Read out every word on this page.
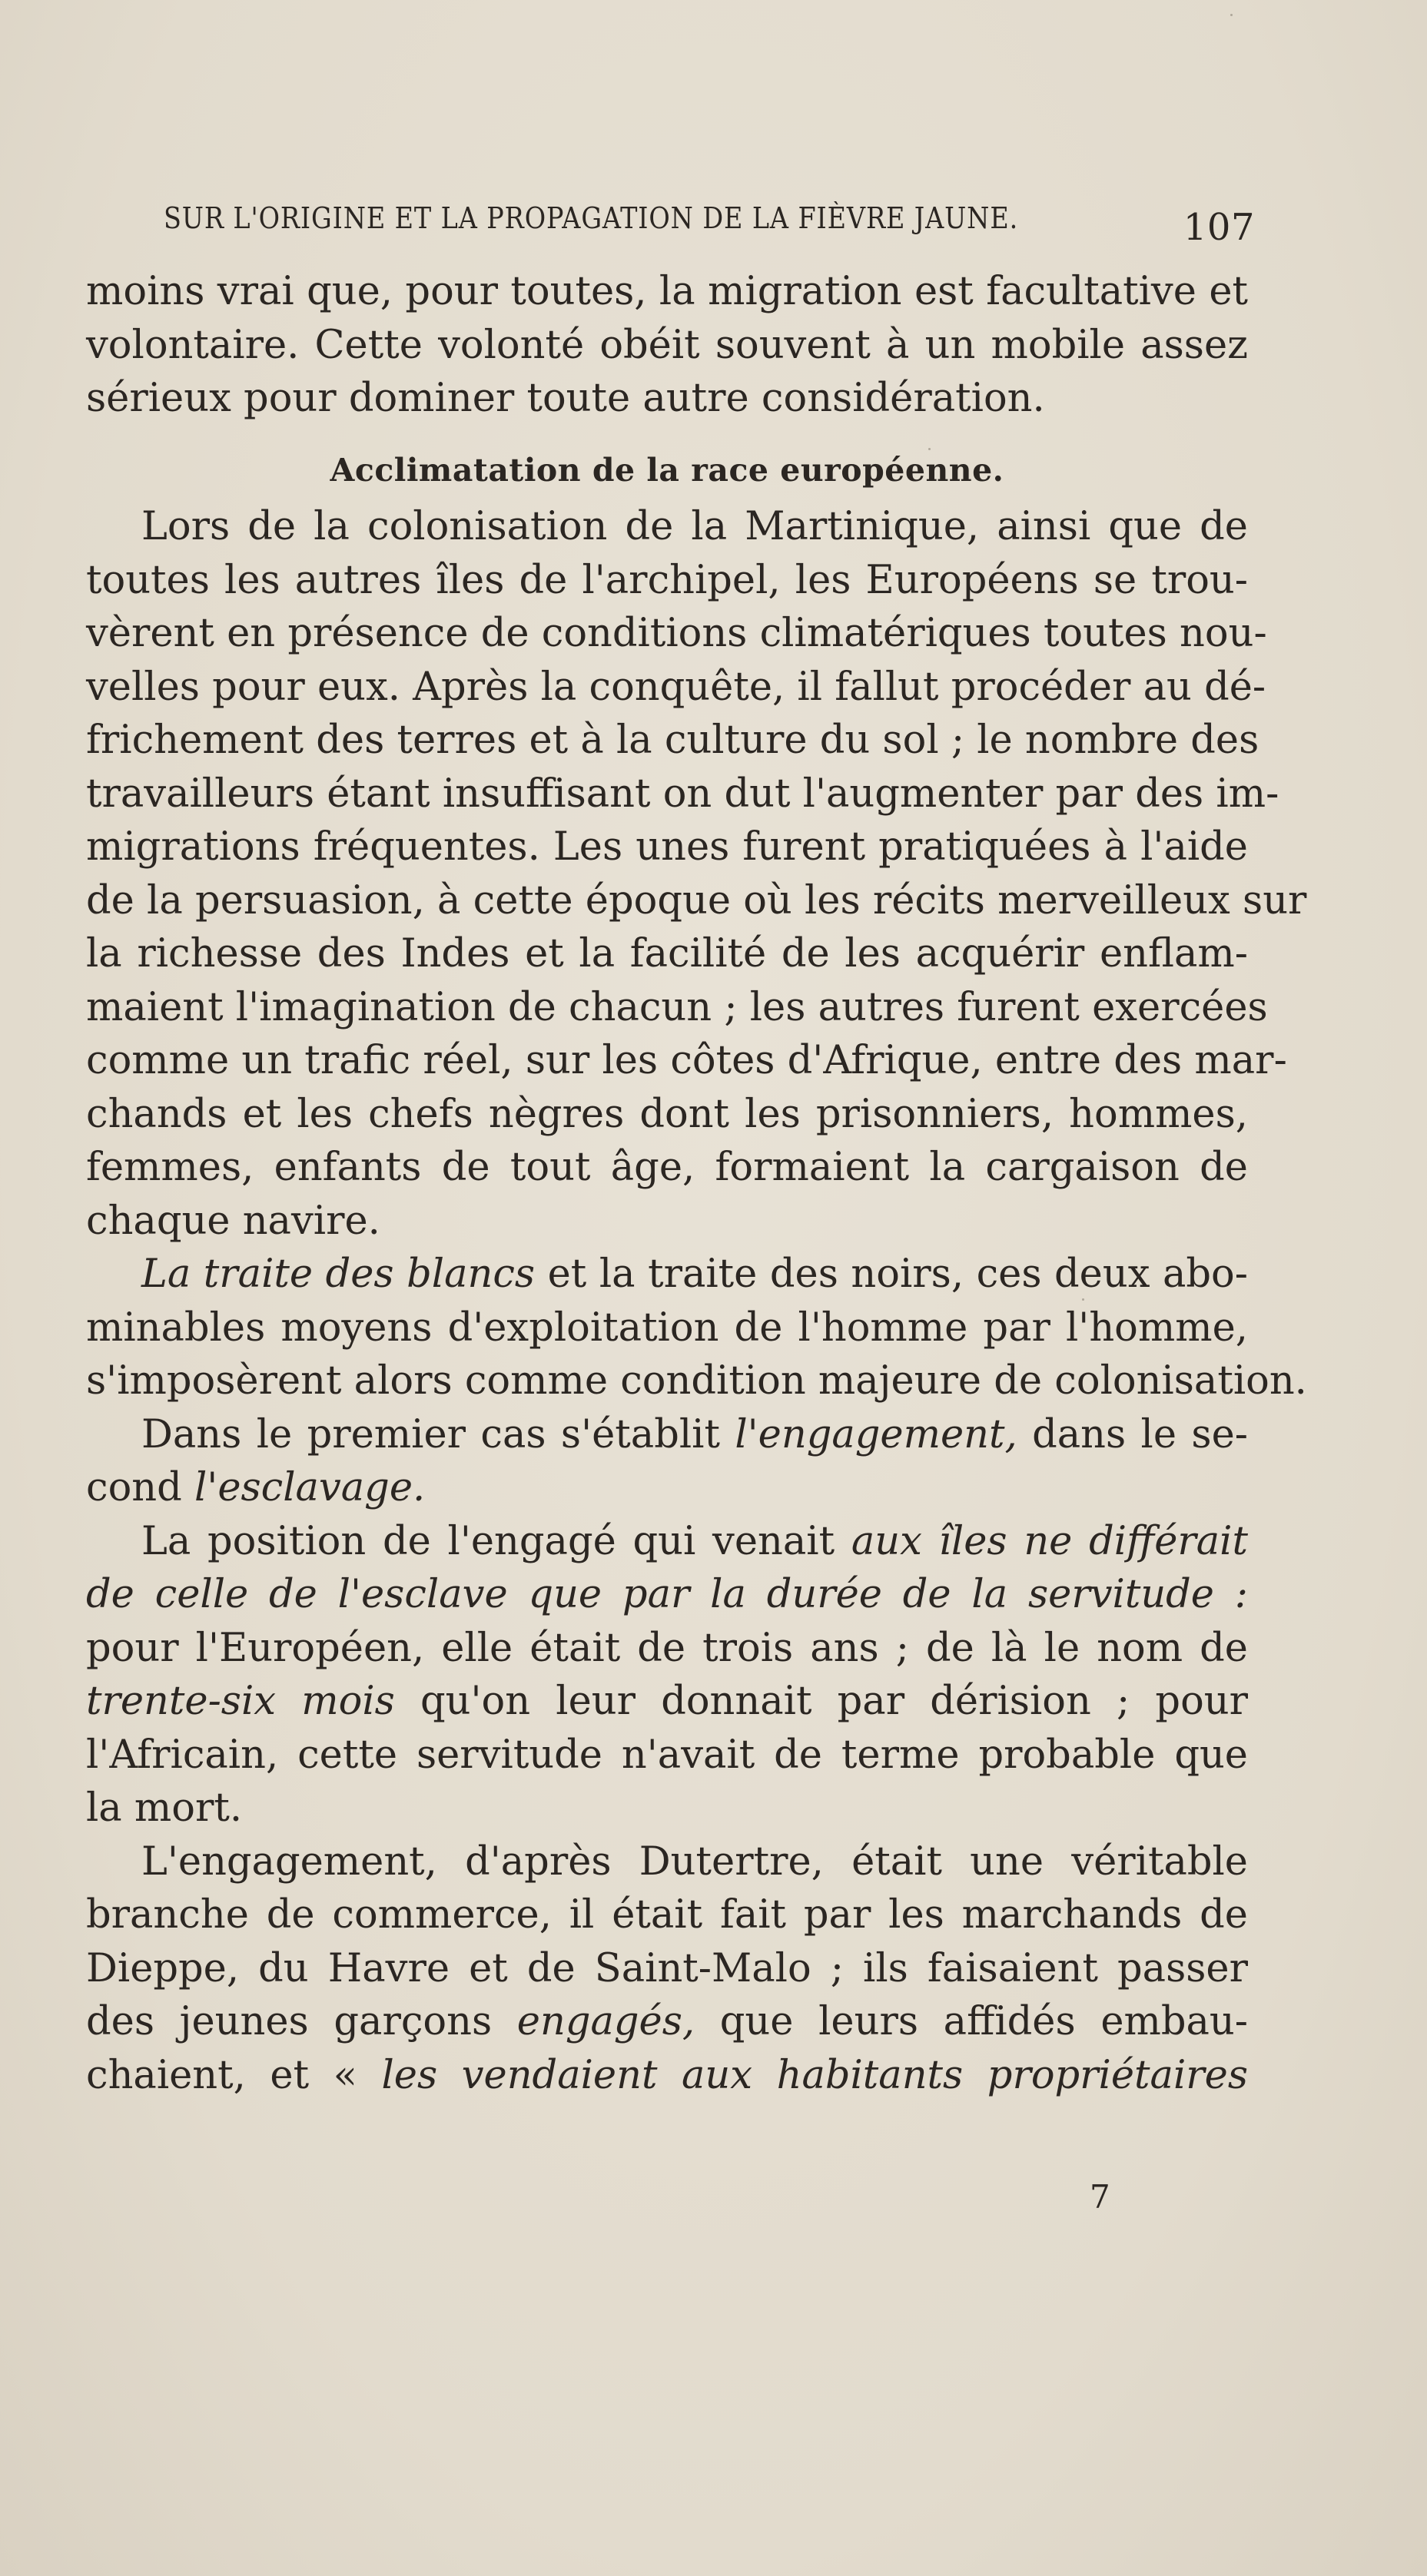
SUR L'ORIGINE ET LA PROPAGATION DE LA FIÈVRE JAUNE.	107
moins vrai que, pour toutes, la migration est facultative et
volontaire. Cette volonté obéit souvent à un mobile assez
sérieux pour dominer toute autre considération.
Acclimatation de la race européenne.
Lors de la colonisation de la Martinique, ainsi que de
toutes les autres îles de l'archipel, les Européens se trou-
vèrent en présence de conditions climatériques toutes nou-
velles pour eux. Après la conquête, il fallut procéder au dé-
frichement des terres et à la culture du sol ; le nombre des
travailleurs étant insuffisant on dut l'augmenter par des im-
migrations fréquentes. Les unes furent pratiquées à l'aide
de la persuasion, à cette époque où les récits merveilleux sur
la richesse des Indes et la facilité de les acquérir enflam-
maient l'imagination de chacun ; les autres furent exercées
comme un trafic réel, sur les côtes d'Afrique, entre des mar-
chands et les chefs nègres dont les prisonniers, hommes,
femmes, enfants de tout âge, formaient la cargaison de
chaque navire.
La traite des blancs et la traite des noirs, ces deux abo-
minables moyens d'exploitation de l'homme par l'homme,
s'imposèrent alors comme condition majeure de colonisation.
Dans le premier cas s'établit l'engagement, dans le se-
cond l'esclavage.
La position de l'engagé qui venait aux îles ne différait
de celle de l'esclave que par la durée de la servitude :
pour l'Européen, elle était de trois ans ; de là le nom de
trente-six mois qu'on leur donnait par dérision ; pour
l'Africain, cette servitude n'avait de terme probable que
la mort.
L'engagement, d'après Dutertre, était une véritable
branche de commerce, il était fait par les marchands de
Dieppe, du Havre et de Saint-Malo ; ils faisaient passer
des jeunes garçons engagés, que leurs affidés embau-
chaient, et « les vendaient aux habitants propriétaires
7
